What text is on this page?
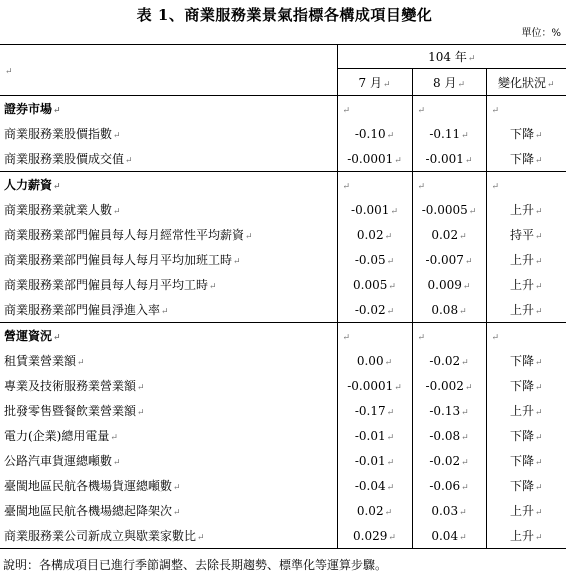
表 1、商業服務業景氣指標各構成項目變化
單位：%
↵	104 年↵		
	7 月↵	8 月↵	變化狀況↵
證券市場↵	↵	↵	↵
商業服務業股價指數↵	-0.10↵	-0.11↵	下降↵
商業服務業股價成交值↵	-0.0001↵	-0.001↵	下降↵
人力薪資↵	↵	↵	↵
商業服務業就業人數↵	-0.001↵	-0.0005↵	上升↵
商業服務業部門僱員每人每月經常性平均薪資↵	0.02↵	0.02↵	持平↵
商業服務業部門僱員每人每月平均加班工時↵	-0.05↵	-0.007↵	上升↵
商業服務業部門僱員每人每月平均工時↵	0.005↵	0.009↵	上升↵
商業服務業部門僱員淨進入率↵	-0.02↵	0.08↵	上升↵
營運資況↵	↵	↵	↵
租賃業營業額↵	0.00↵	-0.02↵	下降↵
專業及技術服務業營業額↵	-0.0001↵	-0.002↵	下降↵
批發零售暨餐飲業營業額↵	-0.17↵	-0.13↵	上升↵
電力(企業)總用電量↵	-0.01↵	-0.08↵	下降↵
公路汽車貨運總噸數↵	-0.01↵	-0.02↵	下降↵
臺閩地區民航各機場貨運總噸數↵	-0.04↵	-0.06↵	下降↵
臺閩地區民航各機場總起降架次↵	0.02↵	0.03↵	上升↵
商業服務業公司新成立與歇業家數比↵	0.029↵	0.04↵	上升↵
說明：各構成項目已進行季節調整、去除長期趨勢、標準化等運算步驟。
